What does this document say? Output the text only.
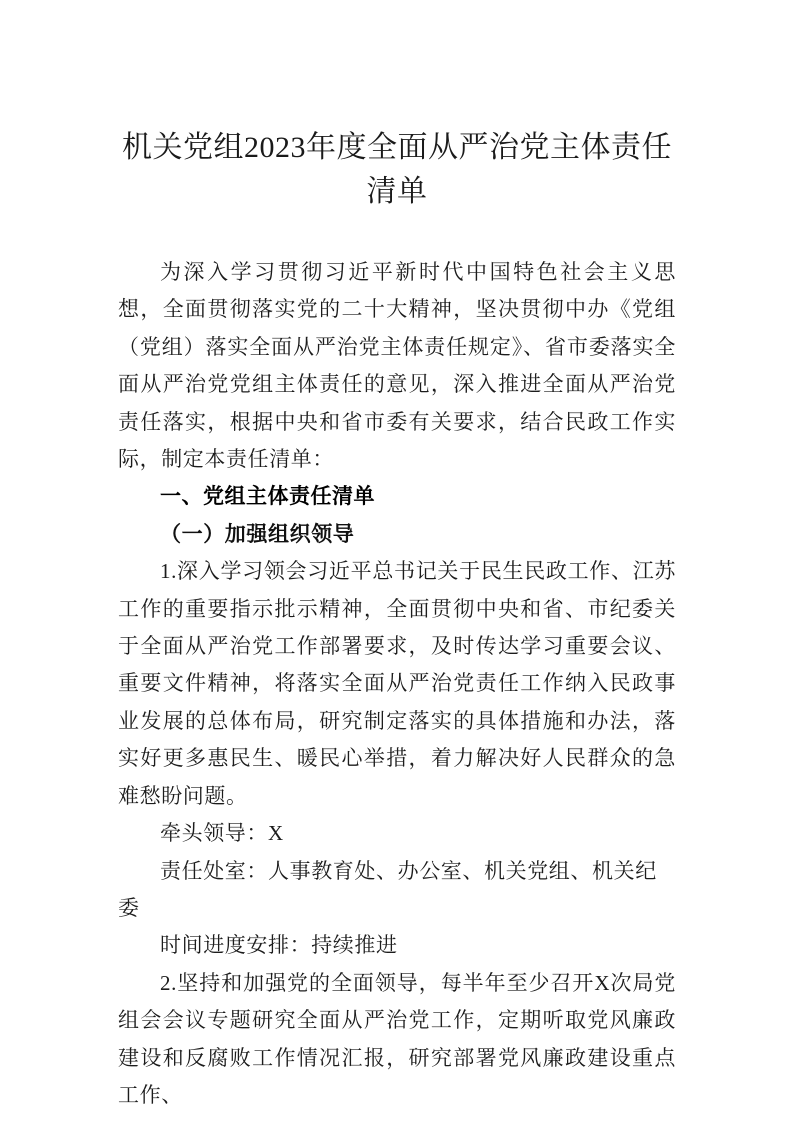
机关党组2023年度全面从严治党主体责任清单

为深入学习贯彻习近平新时代中国特色社会主义思想，全面贯彻落实党的二十大精神，坚决贯彻中办《党组（党组）落实全面从严治党主体责任规定》、省市委落实全面从严治党党组主体责任的意见，深入推进全面从严治党责任落实，根据中央和省市委有关要求，结合民政工作实际，制定本责任清单：

一、党组主体责任清单

（一）加强组织领导

1.深入学习领会习近平总书记关于民生民政工作、江苏工作的重要指示批示精神，全面贯彻中央和省、市纪委关于全面从严治党工作部署要求，及时传达学习重要会议、重要文件精神，将落实全面从严治党责任工作纳入民政事业发展的总体布局，研究制定落实的具体措施和办法，落实好更多惠民生、暖民心举措，着力解决好人民群众的急难愁盼问题。

牵头领导：X

责任处室：人事教育处、办公室、机关党组、机关纪委

时间进度安排：持续推进

2.坚持和加强党的全面领导，每半年至少召开X次局党组会会议专题研究全面从严治党工作，定期听取党风廉政建设和反腐败工作情况汇报，研究部署党风廉政建设重点工作、
